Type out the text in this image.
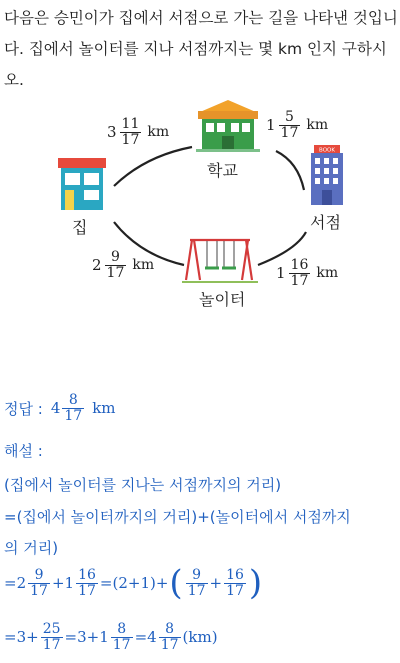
다음은 승민이가 집에서 서점으로 가는 길을 나타낸 것입니다. 집에서 놀이터를 지나 서점까지는 몇 km 인지 구하시오.
BOOK
학교
집	서점
놀이터
$3 \frac{11}{17}$ km	$1 \frac{5}{17}$ km
$2 \frac{9}{17}$ km	$1 \frac{16}{17}$ km
정답 : $4 \frac{8}{17}$ km
해설 :
(집에서 놀이터를 지나는 서점까지의 거리)
=(집에서 놀이터까지의 거리)+(놀이터에서 서점까지
의 거리)
= $2 \frac{9}{17} + 1 \frac{16}{17} = (2+1)+$ ( $\frac{9}{17} + \frac{16}{17}$ )
= $3+ \frac{25}{17} = 3+1 \frac{8}{17} = 4 \frac{8}{17} (km)$
